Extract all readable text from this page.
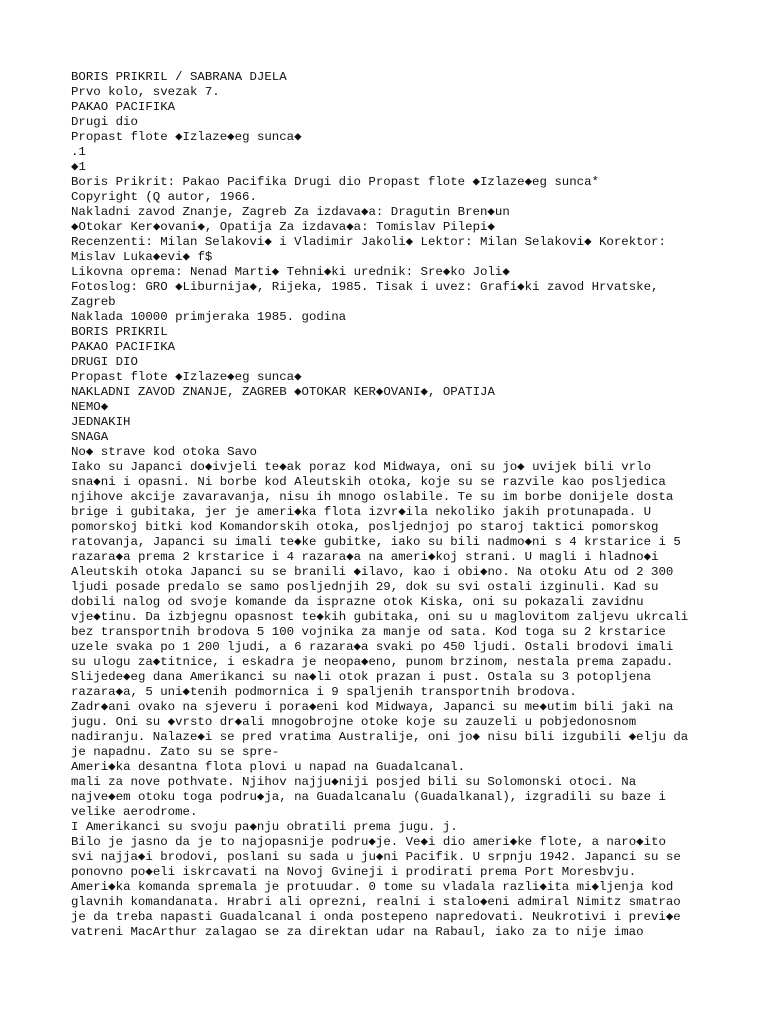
BORIS PRIKRIL / SABRANA DJELA
Prvo kolo, svezak 7.
PAKAO PACIFIKA
Drugi dio
Propast flote ◆Izlaze◆eg sunca◆
.1
◆1
Boris Prikrit: Pakao Pacifika Drugi dio Propast flote ◆Izlaze◆eg sunca*
Copyright (Q autor, 1966.
Nakladni zavod Znanje, Zagreb Za izdava◆a: Dragutin Bren◆un
◆Otokar Ker◆ovani◆, Opatija Za izdava◆a: Tomislav Pilepi◆
Recenzenti: Milan Selakovi◆ i Vladimir Jakoli◆ Lektor: Milan Selakovi◆ Korektor:
Mislav Luka◆evi◆ f$
Likovna oprema: Nenad Marti◆ Tehni◆ki urednik: Sre◆ko Joli◆
Fotoslog: GRO ◆Liburnija◆, Rijeka, 1985. Tisak i uvez: Grafi◆ki zavod Hrvatske,
Zagreb
Naklada 10000 primjeraka 1985. godina
BORIS PRIKRIL
PAKAO PACIFIKA
DRUGI DIO
Propast flote ◆Izlaze◆eg sunca◆
NAKLADNI ZAVOD ZNANJE, ZAGREB ◆OTOKAR KER◆OVANI◆, OPATIJA
NEMO◆
JEDNAKIH
SNAGA
No◆ strave kod otoka Savo
Iako su Japanci do◆ivjeli te◆ak poraz kod Midwaya, oni su jo◆ uvijek bili vrlo
sna◆ni i opasni. Ni borbe kod Aleutskih otoka, koje su se razvile kao posljedica
njihove akcije zavaravanja, nisu ih mnogo oslabile. Te su im borbe donijele dosta
brige i gubitaka, jer je ameri◆ka flota izvr◆ila nekoliko jakih protunapada. U
pomorskoj bitki kod Komandorskih otoka, posljednjoj po staroj taktici pomorskog
ratovanja, Japanci su imali te◆ke gubitke, iako su bili nadmo◆ni s 4 krstarice i 5
razara◆a prema 2 krstarice i 4 razara◆a na ameri◆koj strani. U magli i hladno◆i
Aleutskih otoka Japanci su se branili ◆ilavo, kao i obi◆no. Na otoku Atu od 2 300
ljudi posade predalo se samo posljednjih 29, dok su svi ostali izginuli. Kad su
dobili nalog od svoje komande da isprazne otok Kiska, oni su pokazali zavidnu
vje◆tinu. Da izbjegnu opasnost te◆kih gubitaka, oni su u maglovitom zaljevu ukrcali
bez transportnih brodova 5 100 vojnika za manje od sata. Kod toga su 2 krstarice
uzele svaka po 1 200 ljudi, a 6 razara◆a svaki po 450 ljudi. Ostali brodovi imali
su ulogu za◆titnice, i eskadra je neopa◆eno, punom brzinom, nestala prema zapadu.
Slijede◆eg dana Amerikanci su na◆li otok prazan i pust. Ostala su 3 potopljena
razara◆a, 5 uni◆tenih podmornica i 9 spaljenih transportnih brodova.
Zadr◆ani ovako na sjeveru i pora◆eni kod Midwaya, Japanci su me◆utim bili jaki na
jugu. Oni su ◆vrsto dr◆ali mnogobrojne otoke koje su zauzeli u pobjedonosnom
nadiranju. Nalaze◆i se pred vratima Australije, oni jo◆ nisu bili izgubili ◆elju da
je napadnu. Zato su se spre-
Ameri◆ka desantna flota plovi u napad na Guadalcanal.
mali za nove pothvate. Njihov najju◆niji posjed bili su Solomonski otoci. Na
najve◆em otoku toga podru◆ja, na Guadalcanalu (Guadalkanal), izgradili su baze i
velike aerodrome.
I Amerikanci su svoju pa◆nju obratili prema jugu. j.
Bilo je jasno da je to najopasnije podru◆je. Ve◆i dio ameri◆ke flote, a naro◆ito
svi najja◆i brodovi, poslani su sada u ju◆ni Pacifik. U srpnju 1942. Japanci su se
ponovno po◆eli iskrcavati na Novoj Gvineji i prodirati prema Port Moresbvju.
Ameri◆ka komanda spremala je protuudar. 0 tome su vladala razli◆ita mi◆ljenja kod
glavnih komandanata. Hrabri ali oprezni, realni i stalo◆eni admiral Nimitz smatrao
je da treba napasti Guadalcanal i onda postepeno napredovati. Neukrotivi i previ◆e
vatreni MacArthur zalagao se za direktan udar na Rabaul, iako za to nije imao
